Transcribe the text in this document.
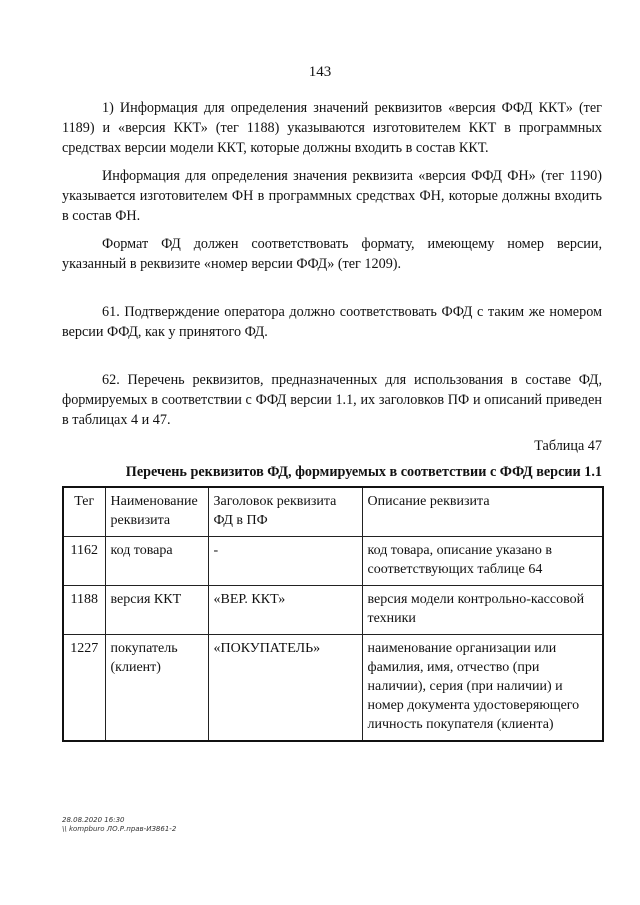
143

1) Информация для определения значений реквизитов «версия ФФД ККТ» (тег 1189) и «версия ККТ» (тег 1188) указываются изготовителем ККТ в программных средствах версии модели ККТ, которые должны входить в состав ККТ.

Информация для определения значения реквизита «версия ФФД ФН» (тег 1190) указывается изготовителем ФН в программных средствах ФН, которые должны входить в состав ФН.

Формат ФД должен соответствовать формату, имеющему номер версии, указанный в реквизите «номер версии ФФД» (тег 1209).

61. Подтверждение оператора должно соответствовать ФФД с таким же номером версии ФФД, как у принятого ФД.

62. Перечень реквизитов, предназначенных для использования в составе ФД, формируемых в соответствии с ФФД версии 1.1, их заголовков ПФ и описаний приведен в таблицах 4 и 47.

Таблица 47
Перечень реквизитов ФД, формируемых в соответствии с ФФД версии 1.1
Тег	Наименование реквизита	Заголовок реквизита ФД в ПФ	Описание реквизита
1162	код товара	-	код товара, описание указано в соответствующих таблице 64
1188	версия ККТ	«ВЕР. ККТ»	версия модели контрольно-кассовой техники
1227	покупатель (клиент)	«ПОКУПАТЕЛЬ»	наименование организации или фамилия, имя, отчество (при наличии), серия (при наличии) и номер документа удостоверяющего личность покупателя (клиента)
28.08.2020 16:30
\\ kompburo ЛО.Р.прав-ИЗ861-2
